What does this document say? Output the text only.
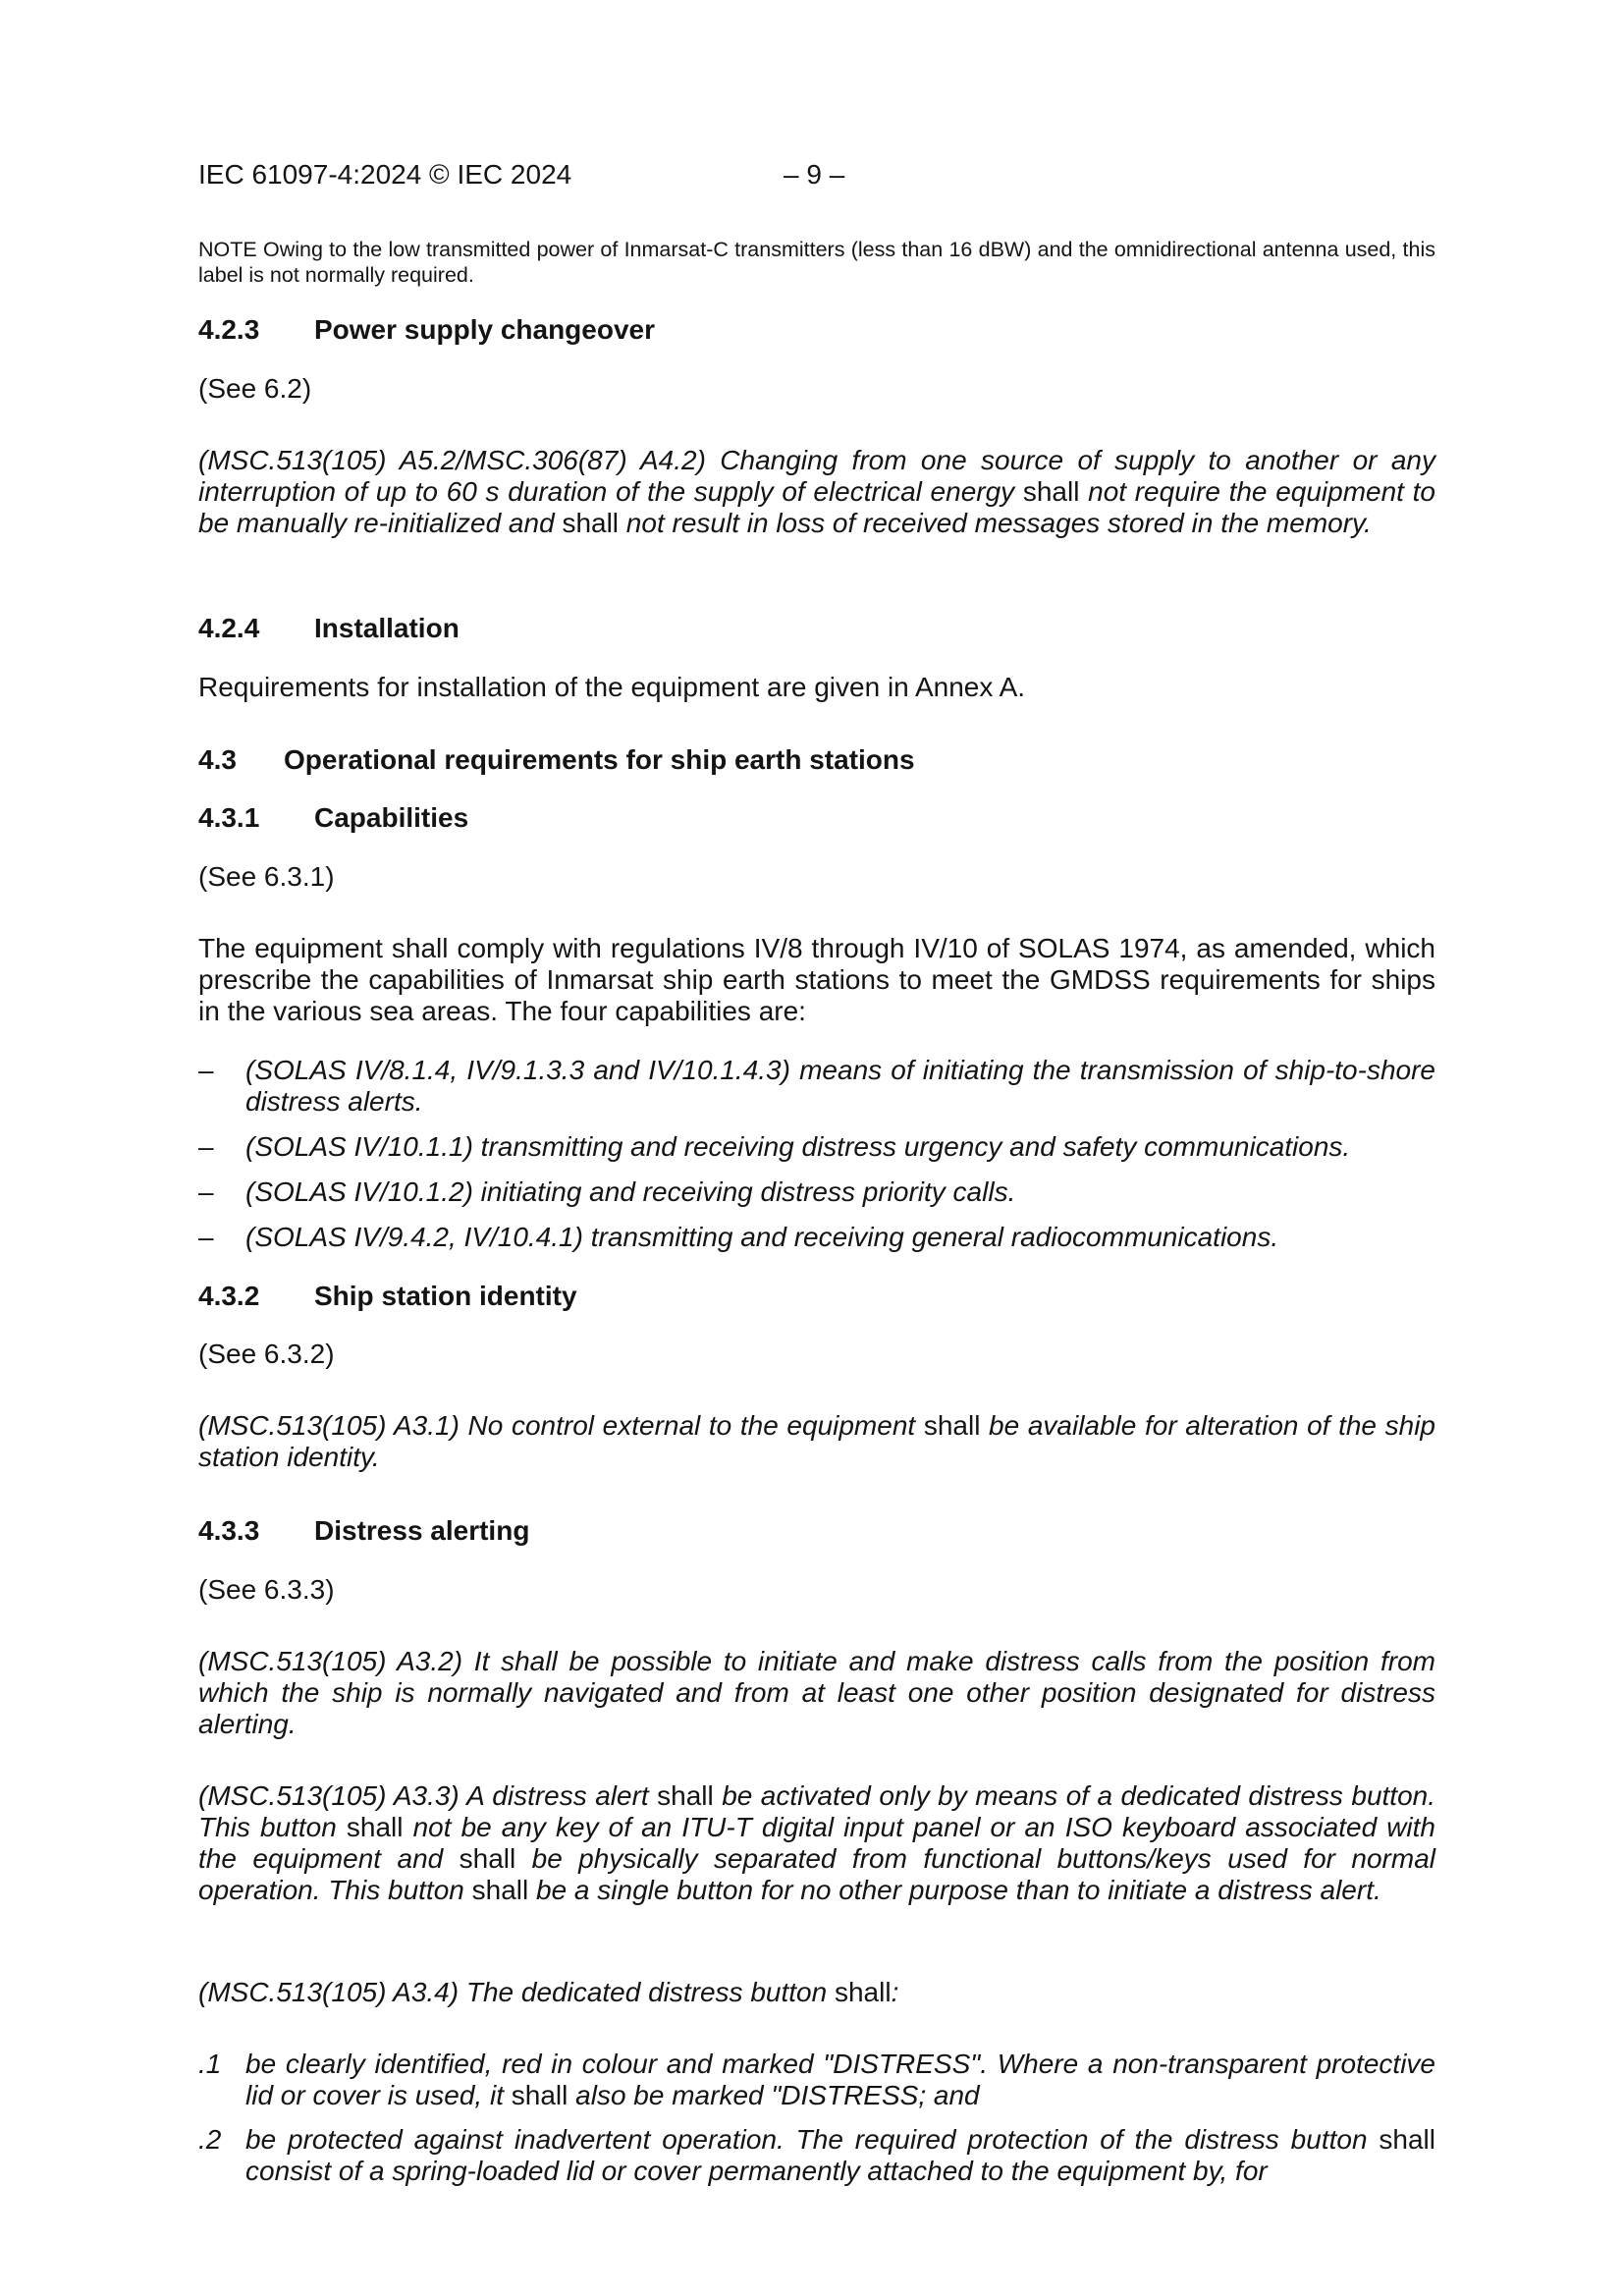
IEC 61097-4:2024 © IEC 2024	– 9 –

NOTE Owing to the low transmitted power of Inmarsat-C transmitters (less than 16 dBW) and the omnidirectional antenna used, this label is not normally required.

4.2.3 Power supply changeover

(See 6.2)

(MSC.513(105) A5.2/MSC.306(87) A4.2) Changing from one source of supply to another or any interruption of up to 60 s duration of the supply of electrical energy shall not require the equipment to be manually re-initialized and shall not result in loss of received messages stored in the memory.

4.2.4 Installation

Requirements for installation of the equipment are given in Annex A.

4.3 Operational requirements for ship earth stations
4.3.1 Capabilities

(See 6.3.1)

The equipment shall comply with regulations IV/8 through IV/10 of SOLAS 1974, as amended, which prescribe the capabilities of Inmarsat ship earth stations to meet the GMDSS requirements for ships in the various sea areas. The four capabilities are:

– (SOLAS IV/8.1.4, IV/9.1.3.3 and IV/10.1.4.3) means of initiating the transmission of ship-to-shore distress alerts.
– (SOLAS IV/10.1.1) transmitting and receiving distress urgency and safety communications.
– (SOLAS IV/10.1.2) initiating and receiving distress priority calls.
– (SOLAS IV/9.4.2, IV/10.4.1) transmitting and receiving general radiocommunications.
4.3.2 Ship station identity

(See 6.3.2)

(MSC.513(105) A3.1) No control external to the equipment shall be available for alteration of the ship station identity.

4.3.3 Distress alerting

(See 6.3.3)

(MSC.513(105) A3.2) It shall be possible to initiate and make distress calls from the position from which the ship is normally navigated and from at least one other position designated for distress alerting.

(MSC.513(105) A3.3) A distress alert shall be activated only by means of a dedicated distress button. This button shall not be any key of an ITU-T digital input panel or an ISO keyboard associated with the equipment and shall be physically separated from functional buttons/keys used for normal operation. This button shall be a single button for no other purpose than to initiate a distress alert.

(MSC.513(105) A3.4) The dedicated distress button shall:

.1 be clearly identified, red in colour and marked "DISTRESS". Where a non-transparent protective lid or cover is used, it shall also be marked "DISTRESS; and
.2 be protected against inadvertent operation. The required protection of the distress button shall consist of a spring-loaded lid or cover permanently attached to the equipment by, for
